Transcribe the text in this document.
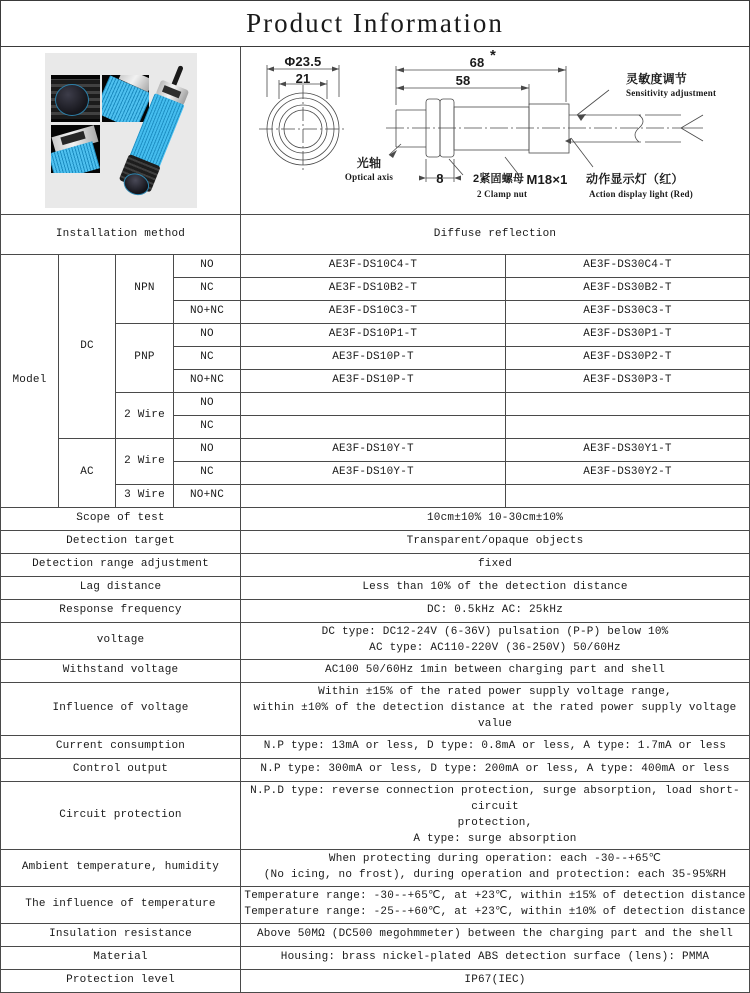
Product Information					

Φ23.5
21
68 *
58
8
灵敏度调节
Sensitivity adjustment
光轴
Optical axis	2紧固螺母
2 Clamp nut
M18×1 动作显示灯（红）
Action display light (Red)

Installation method				Diffuse reflection	
Model	DC	NPN	NO	AE3F-DS10C4-T	AE3F-DS30C4-T
			NC	AE3F-DS10B2-T	AE3F-DS30B2-T
			NO+NC	AE3F-DS10C3-T	AE3F-DS30C3-T
		PNP	NO	AE3F-DS10P1-T	AE3F-DS30P1-T
			NC	AE3F-DS10P-T	AE3F-DS30P2-T
			NO+NC	AE3F-DS10P-T	AE3F-DS30P3-T
		2 Wire	NO		
			NC		
	AC	2 Wire	NO	AE3F-DS10Y-T	AE3F-DS30Y1-T
			NC	AE3F-DS10Y-T	AE3F-DS30Y2-T
		3 Wire	NO+NC		
Scope of test				10cm±10% 10-30cm±10%	

Detection target				Transparent/opaque objects	

Detection range adjustment				fixed	

Lag distance				Less than 10% of the detection distance	

Response frequency				DC: 0.5kHz AC: 25kHz	

voltage				DC type: DC12-24V (6-36V) pulsation (P-P) below 10%
AC type: AC110-220V (36-250V) 50/60Hz	

Withstand voltage				AC100 50/60Hz 1min between charging part and shell	

Influence of voltage				Within ±15% of the rated power supply voltage range,
within ±10% of the detection distance at the rated power supply voltage value	

Current consumption				N.P type: 13mA or less, D type: 0.8mA or less, A type: 1.7mA or less	

Control output				N.P type: 300mA or less, D type: 200mA or less, A type: 400mA or less	

Circuit protection				N.P.D type: reverse connection protection, surge absorption, load short-circuit
protection,
A type: surge absorption	

Ambient temperature, humidity				When protecting during operation: each -30--+65℃
(No icing, no frost), during operation and protection: each 35-95%RH	

The influence of temperature				Temperature range: -30--+65℃, at +23℃, within ±15% of detection distance
Temperature range: -25--+60℃, at +23℃, within ±10% of detection distance	

Insulation resistance				Above 50MΩ (DC500 megohmmeter) between the charging part and the shell	

Material				Housing: brass nickel-plated ABS detection surface (lens): PMMA	

Protection level				IP67(IEC)	
